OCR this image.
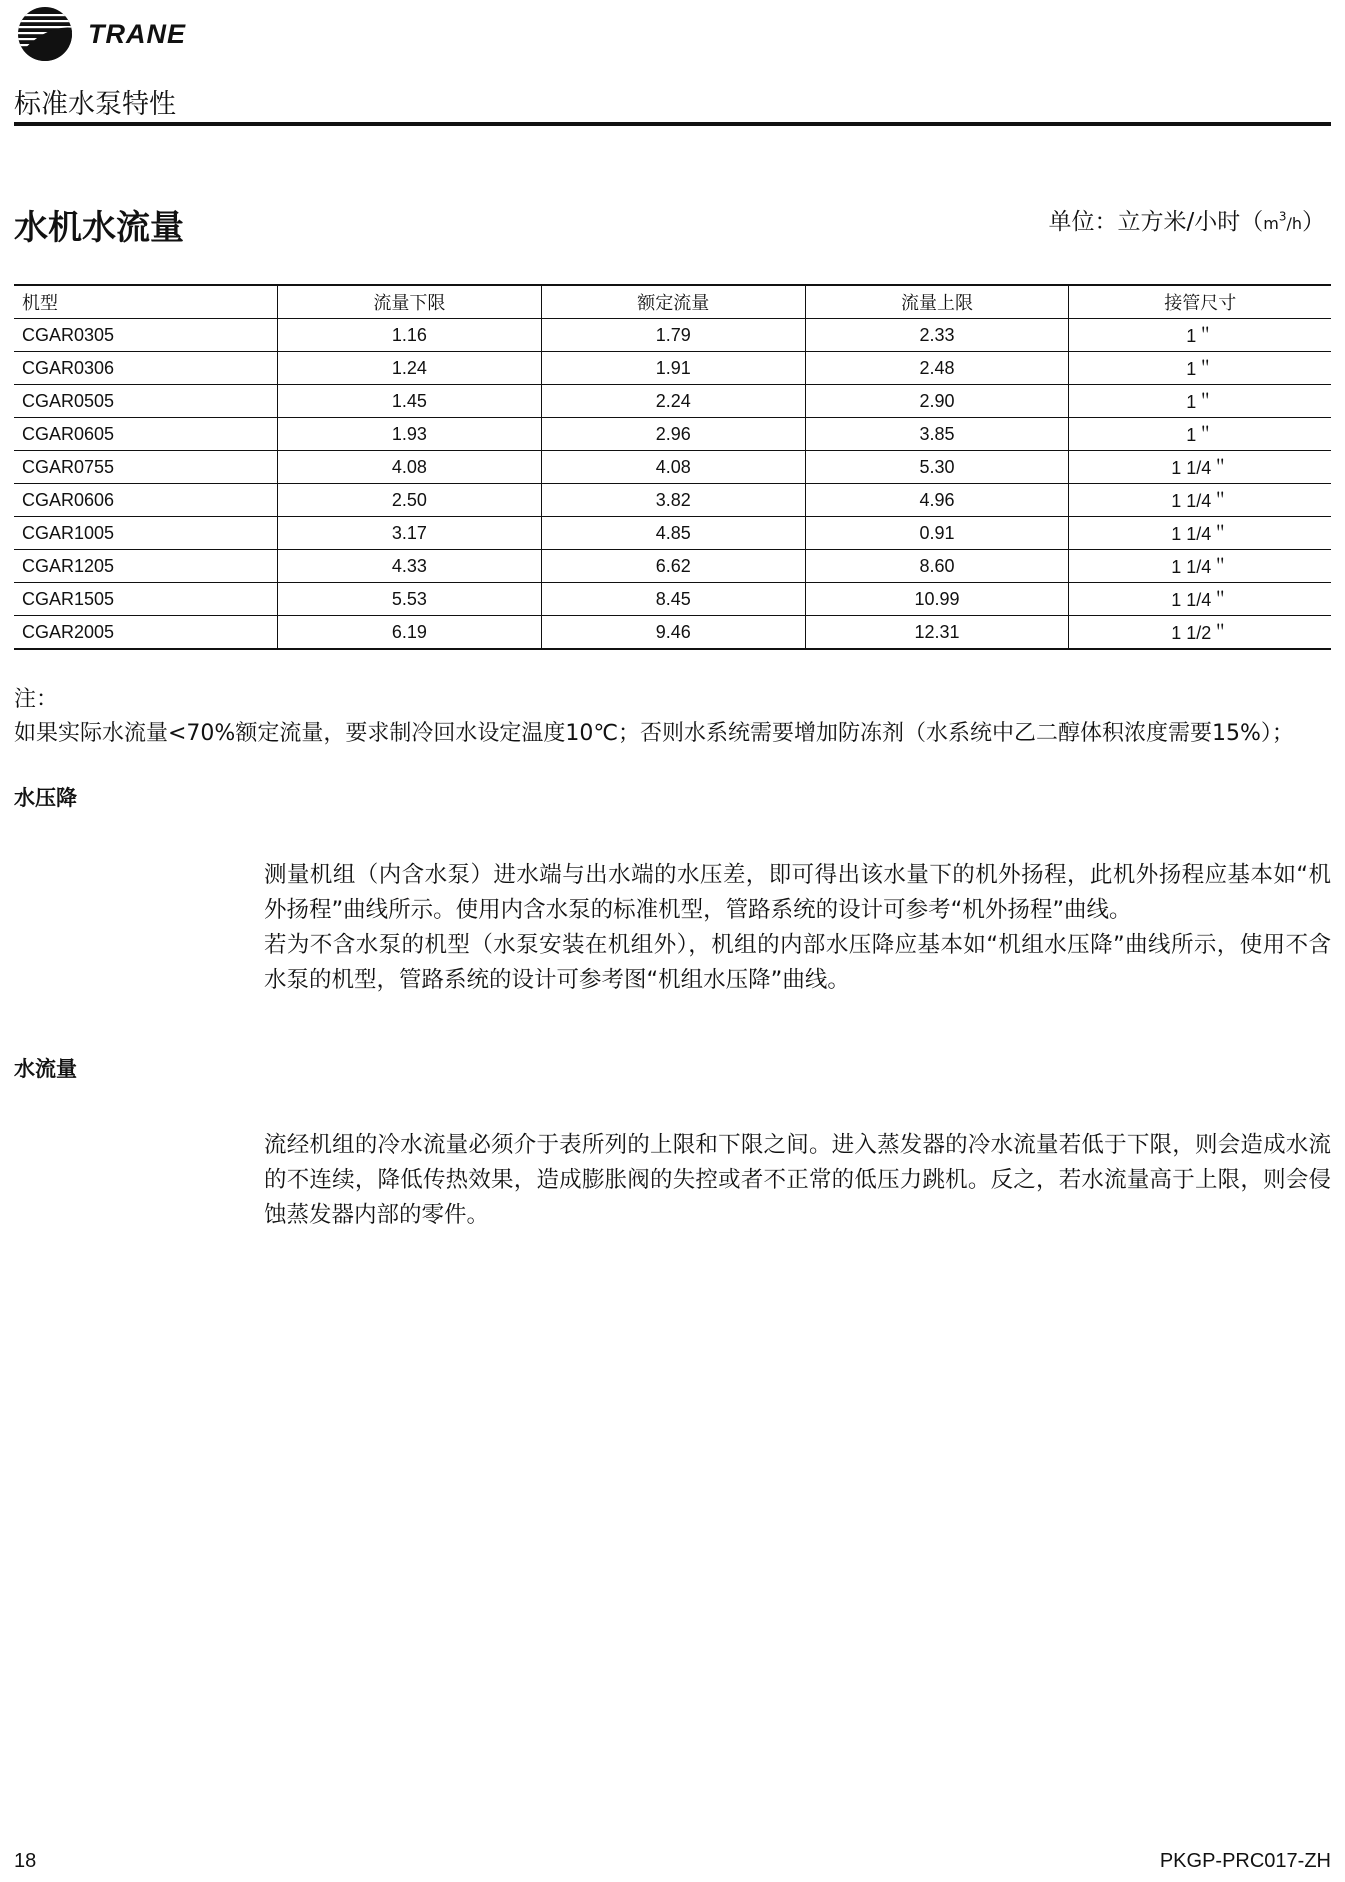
TRANE
标准水泵特性
水机水流量	单位：立方米/小时$(m^3/h)$
机型	流量下限	额定流量	流量上限	接管尺寸
CGAR0305	1.16	1.79	2.33	1＂
CGAR0306	1.24	1.91	2.48	1＂
CGAR0505	1.45	2.24	2.90	1＂
CGAR0605	1.93	2.96	3.85	1＂
CGAR0755	4.08	4.08	5.30	1 1/4＂
CGAR0606	2.50	3.82	4.96	1 1/4＂
CGAR1005	3.17	4.85	0.91	1 1/4＂
CGAR1205	4.33	6.62	8.60	1 1/4＂
CGAR1505	5.53	8.45	10.99	1 1/4＂
CGAR2005	6.19	9.46	12.31	1 1/2＂
注：
如果实际水流量<70%额定流量，要求制冷回水设定温度10℃；否则水系统需要增加防冻剂（水系统中乙二醇体积浓度需要15%）；
水压降

测量机组（内含水泵）进水端与出水端的水压差，即可得出该水量下的机外扬程，此机外扬程应基本如“机外扬程”曲线所示。使用内含水泵的标准机型，管路系统的设计可参考“机外扬程”曲线。

若为不含水泵的机型（水泵安装在机组外），机组的内部水压降应基本如“机组水压降”曲线所示，使用不含水泵的机型，管路系统的设计可参考图“机组水压降”曲线。

水流量

流经机组的冷水流量必须介于表所列的上限和下限之间。进入蒸发器的冷水流量若低于下限，则会造成水流的不连续，降低传热效果，造成膨胀阀的失控或者不正常的低压力跳机。反之，若水流量高于上限，则会侵蚀蒸发器内部的零件。

18	PKGP-PRC017-ZH
